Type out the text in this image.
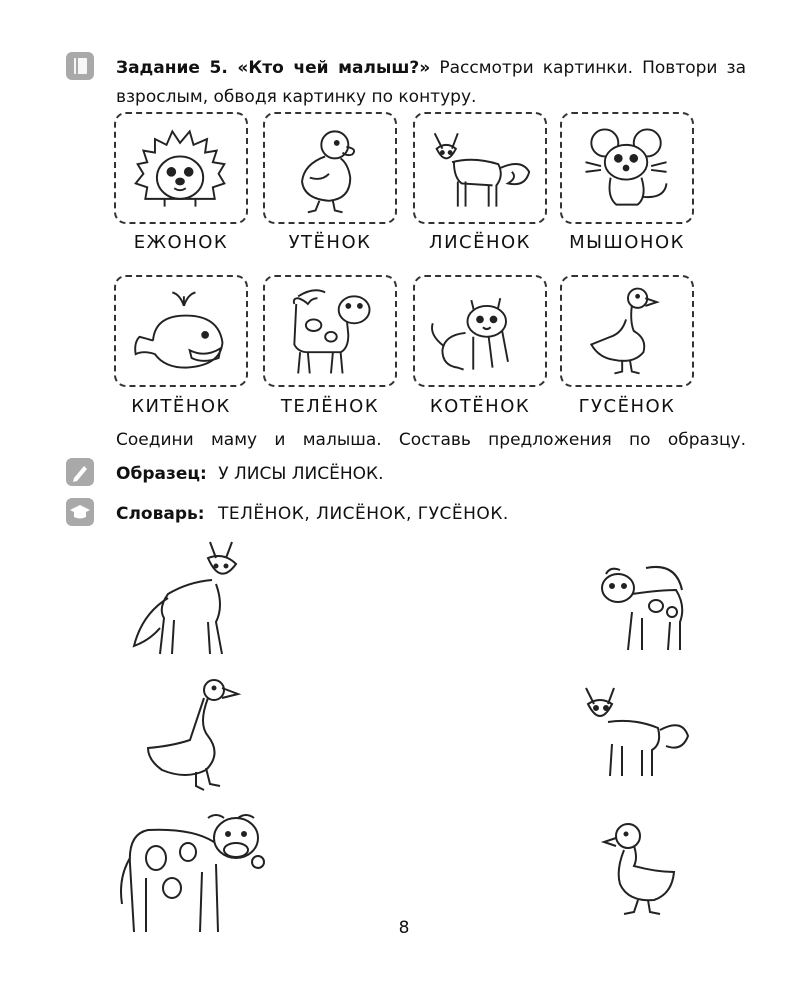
Задание 5. «Кто чей малыш?» Рассмотри картинки. Повтори за взрослым, обводя картинку по контуру.
ЕЖОНОК	УТЁНОК	ЛИСЁНОК	МЫШОНОК
КИТЁНОК	ТЕЛЁНОК	КОТЁНОК	ГУСЁНОК
Соедини маму и малыша. Составь предложения по образцу.
Образец: У ЛИСЫ ЛИСЁНОК.
Словарь: ТЕЛЁНОК, ЛИСЁНОК, ГУСЁНОК.
8
